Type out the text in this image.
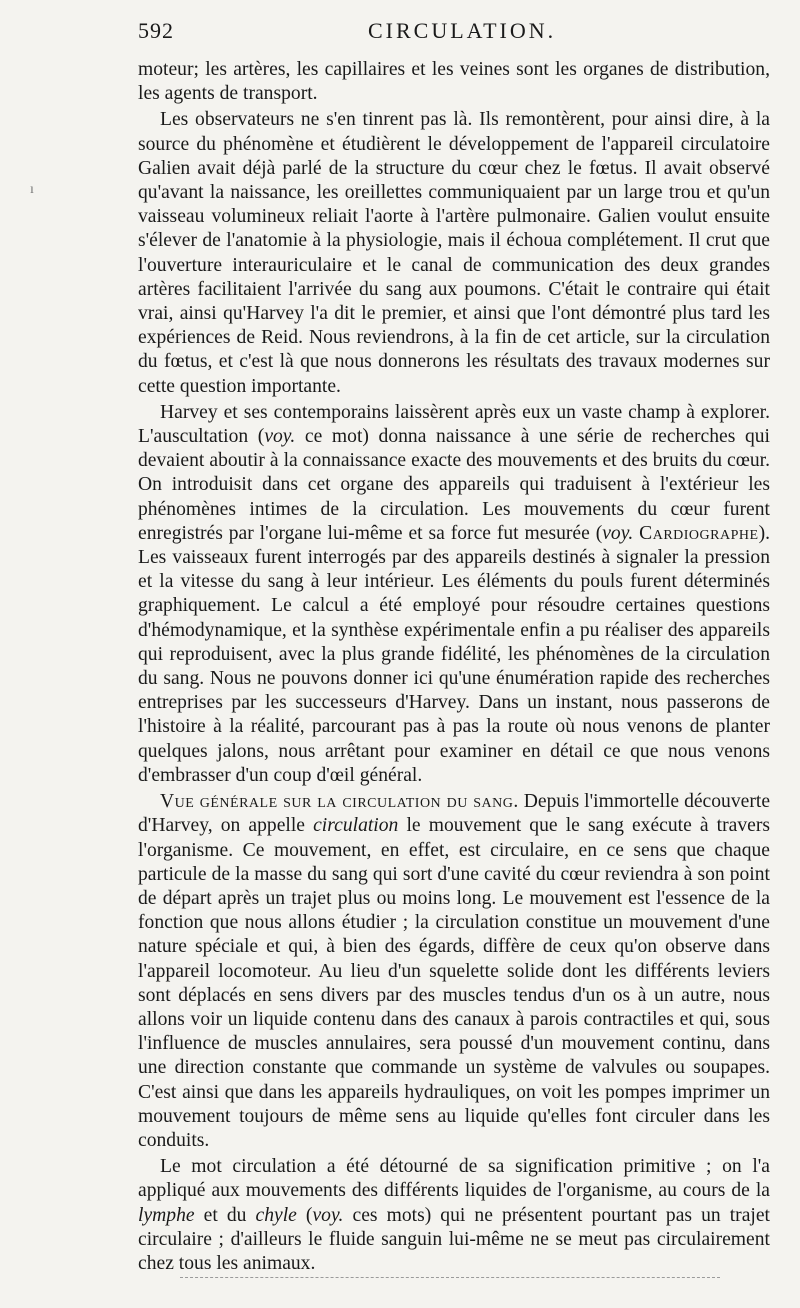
592	CIRCULATION.

moteur; les artères, les capillaires et les veines sont les organes de distribution, les agents de transport.

Les observateurs ne s'en tinrent pas là. Ils remontèrent, pour ainsi dire, à la source du phénomène et étudièrent le développement de l'appareil circulatoire Galien avait déjà parlé de la structure du cœur chez le fœtus. Il avait observé qu'avant la naissance, les oreillettes communiquaient par un large trou et qu'un vaisseau volumineux reliait l'aorte à l'artère pulmonaire. Galien voulut ensuite s'élever de l'anatomie à la physiologie, mais il échoua complétement. Il crut que l'ouverture interauriculaire et le canal de communication des deux grandes artères facilitaient l'arrivée du sang aux poumons. C'était le contraire qui était vrai, ainsi qu'Harvey l'a dit le premier, et ainsi que l'ont démontré plus tard les expériences de Reid. Nous reviendrons, à la fin de cet article, sur la circulation du fœtus, et c'est là que nous donnerons les résultats des travaux modernes sur cette question importante.

Harvey et ses contemporains laissèrent après eux un vaste champ à explorer. L'auscultation (voy. ce mot) donna naissance à une série de recherches qui devaient aboutir à la connaissance exacte des mouvements et des bruits du cœur. On introduisit dans cet organe des appareils qui traduisent à l'extérieur les phénomènes intimes de la circulation. Les mouvements du cœur furent enregistrés par l'organe lui-même et sa force fut mesurée (voy. Cardiographe). Les vaisseaux furent interrogés par des appareils destinés à signaler la pression et la vitesse du sang à leur intérieur. Les éléments du pouls furent déterminés graphiquement. Le calcul a été employé pour résoudre certaines questions d'hémodynamique, et la synthèse expérimentale enfin a pu réaliser des appareils qui reproduisent, avec la plus grande fidélité, les phénomènes de la circulation du sang. Nous ne pouvons donner ici qu'une énumération rapide des recherches entreprises par les successeurs d'Harvey. Dans un instant, nous passerons de l'histoire à la réalité, parcourant pas à pas la route où nous venons de planter quelques jalons, nous arrêtant pour examiner en détail ce que nous venons d'embrasser d'un coup d'œil général.

Vue générale sur la circulation du sang. Depuis l'immortelle découverte d'Harvey, on appelle circulation le mouvement que le sang exécute à travers l'organisme. Ce mouvement, en effet, est circulaire, en ce sens que chaque particule de la masse du sang qui sort d'une cavité du cœur reviendra à son point de départ après un trajet plus ou moins long. Le mouvement est l'essence de la fonction que nous allons étudier ; la circulation constitue un mouvement d'une nature spéciale et qui, à bien des égards, diffère de ceux qu'on observe dans l'appareil locomoteur. Au lieu d'un squelette solide dont les différents leviers sont déplacés en sens divers par des muscles tendus d'un os à un autre, nous allons voir un liquide contenu dans des canaux à parois contractiles et qui, sous l'influence de muscles annulaires, sera poussé d'un mouvement continu, dans une direction constante que commande un système de valvules ou soupapes. C'est ainsi que dans les appareils hydrauliques, on voit les pompes imprimer un mouvement toujours de même sens au liquide qu'elles font circuler dans les conduits.

Le mot circulation a été détourné de sa signification primitive ; on l'a appliqué aux mouvements des différents liquides de l'organisme, au cours de la lymphe et du chyle (voy. ces mots) qui ne présentent pourtant pas un trajet circulaire ; d'ailleurs le fluide sanguin lui-même ne se meut pas circulairement chez tous les animaux.

ı
